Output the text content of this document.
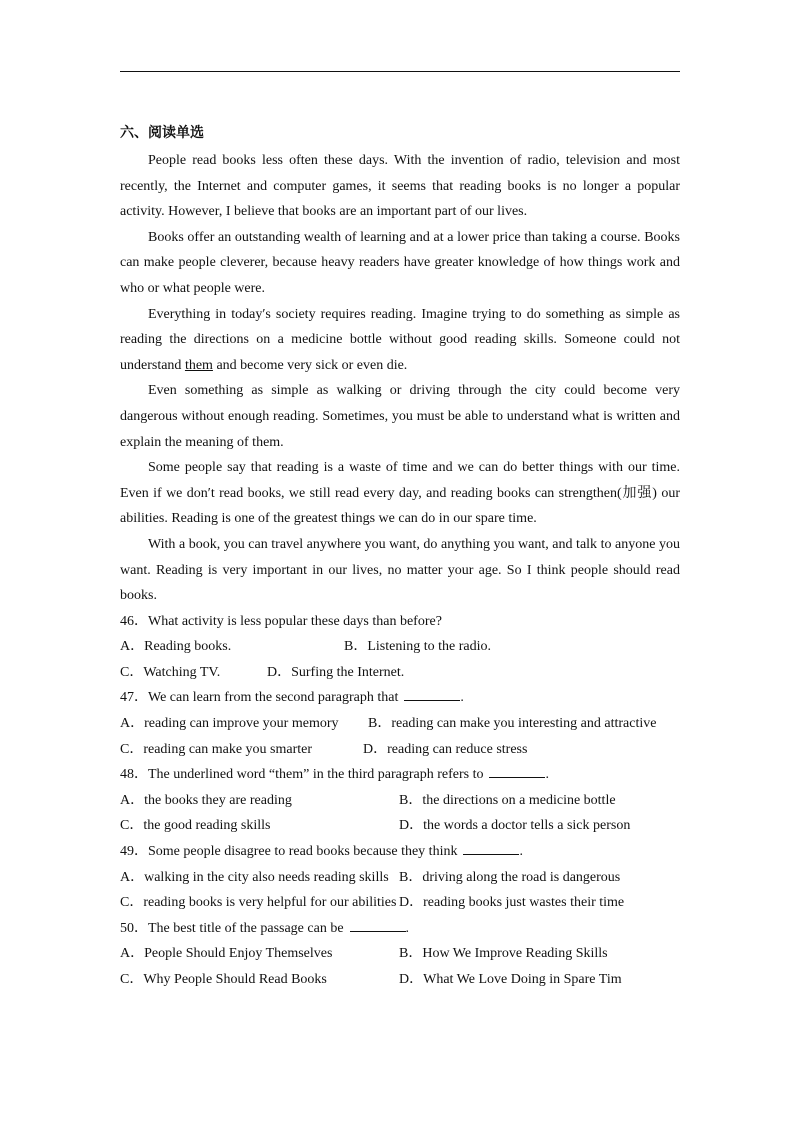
六、阅读单选

People read books less often these days. With the invention of radio, television and most recently, the Internet and computer games, it seems that reading books is no longer a popular activity. However, I believe that books are an important part of our lives.

Books offer an outstanding wealth of learning and at a lower price than taking a course. Books can make people cleverer, because heavy readers have greater knowledge of how things work and who or what people were.

Everything in today′s society requires reading. Imagine trying to do something as simple as reading the directions on a medicine bottle without good reading skills. Someone could not understand them and become very sick or even die.

Even something as simple as walking or driving through the city could become very dangerous without enough reading. Sometimes, you must be able to understand what is written and explain the meaning of them.

Some people say that reading is a waste of time and we can do better things with our time. Even if we don′t read books, we still read every day, and reading books can strengthen(加强) our abilities. Reading is one of the greatest things we can do in our spare time.

With a book, you can travel anywhere you want, do anything you want, and talk to anyone you want. Reading is very important in our lives, no matter your age. So I think people should read books.

46．What activity is less popular these days than before?
A．Reading books.	B．Listening to the radio.
C．Watching TV.	D．Surfing the Internet.
47．We can learn from the second paragraph that	.
A．reading can improve your memory B．reading can make you interesting and attractive
C．reading can make you smarter	D．reading can reduce stress
48．The underlined word “them” in the third paragraph refers to	.
A．the books they are reading	B．the directions on a medicine bottle
C．the good reading skills	D．the words a doctor tells a sick person
49．Some people disagree to read books because they think	.
A．walking in the city also needs reading skills B．driving along the road is dangerous
C．reading books is very helpful for our abilities D．reading books just wastes their time
50．The best title of the passage can be	.
A．People Should Enjoy Themselves	B．How We Improve Reading Skills
C．Why People Should Read Books	D．What We Love Doing in Spare Tim
